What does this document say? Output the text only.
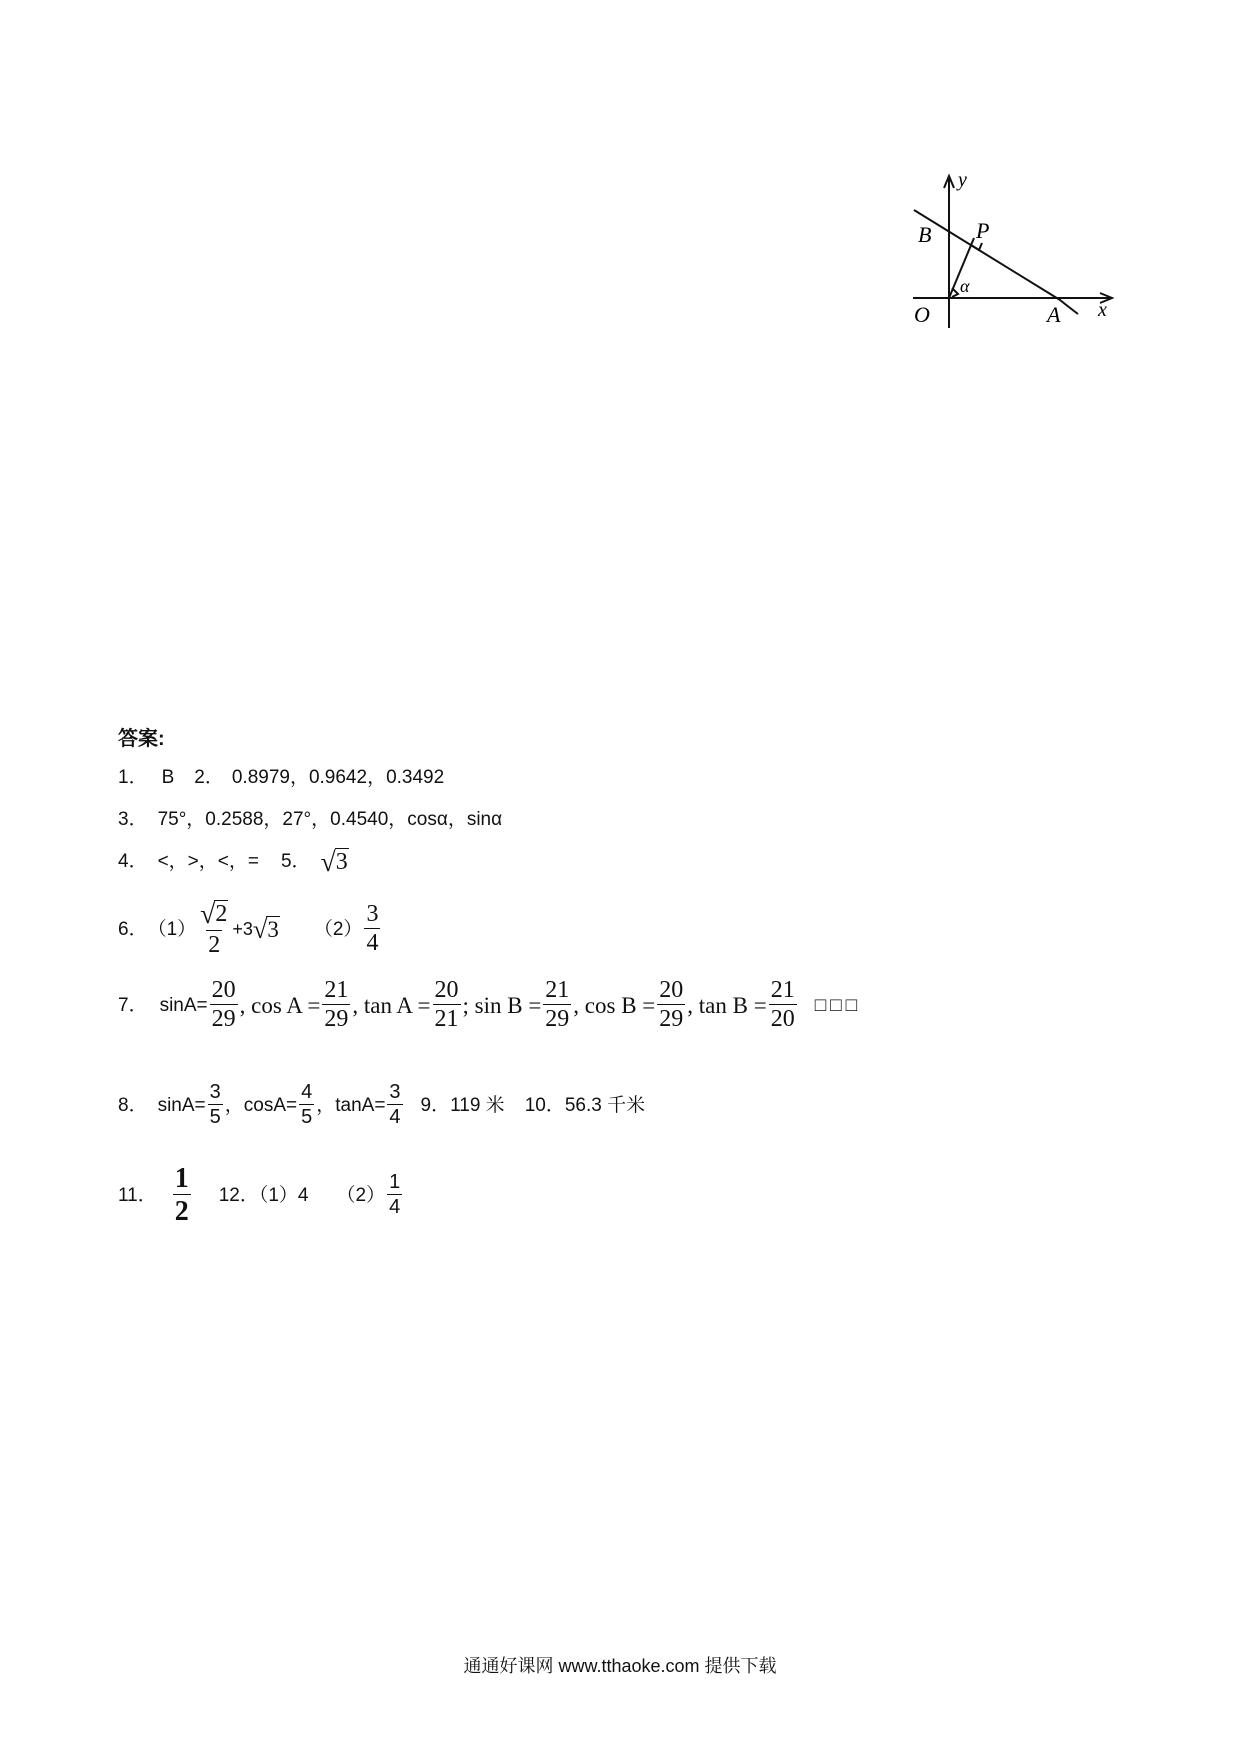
y
B P
α
O	A x
答案:
1． B 2． 0.8979，0.9642，0.3492
3． 75°，0.2588，27°，0.4540，cosα，sinα
4． <，>，<，= 5． √ 3
6． $(1) \frac{√ 2}{2} +3$ √ 3 $(2) \frac{3}{4}$
7． $\sin A= \frac{20}{29}$ , $\cos A = \frac{21}{29}$ , $\tan A = \frac{20}{21}$ ; $\sin B = \frac{21}{29}$ , $\cos B = \frac{20}{29}$ , $\tan B = \frac{21}{20}$ □□□
8． $\sin A= \frac{3}{5}$ ，$\cos A= \frac{4}{5}$ ，$\tan A= \frac{3}{4} 9$．119 米 10．56.3 千米
11． $\frac{1}{2} 12$．（1）4 $(2) \frac{1}{4}$
通通好课网 www.tthaoke.com 提供下载
